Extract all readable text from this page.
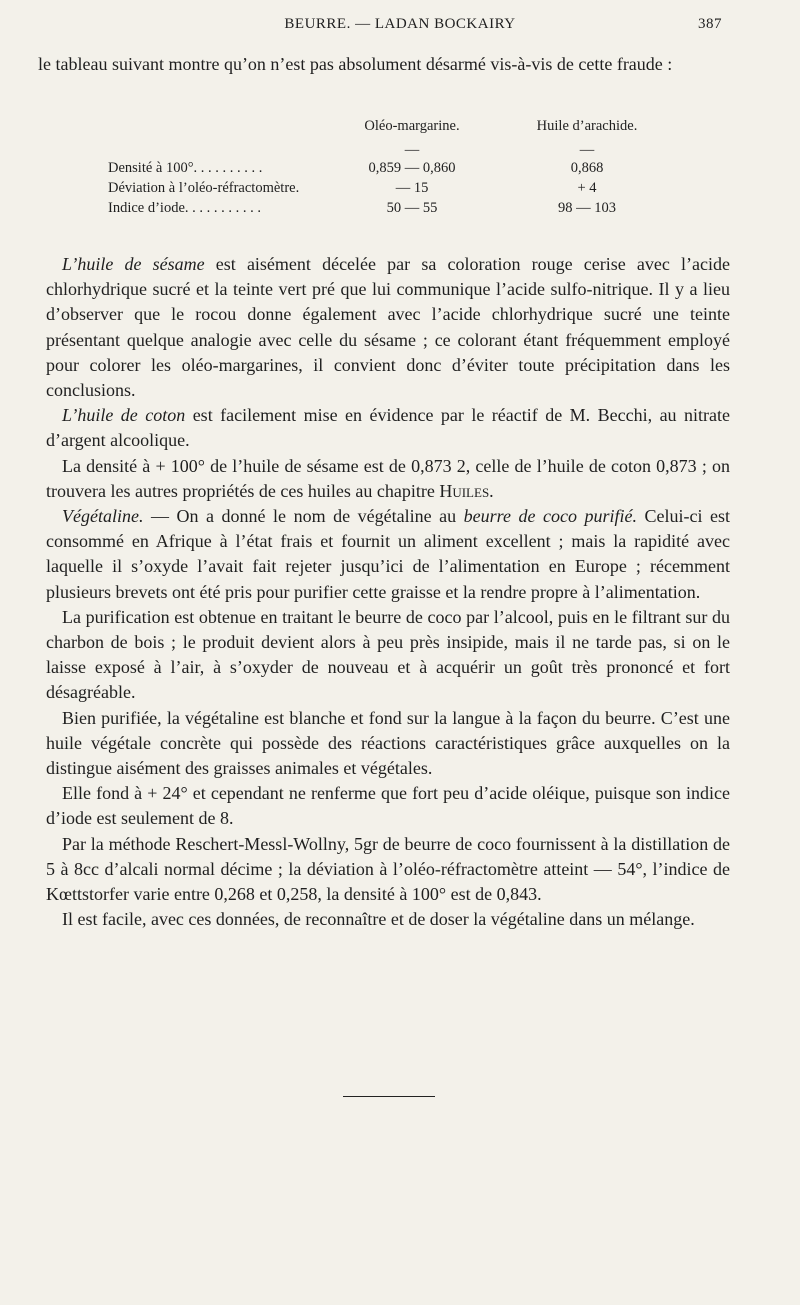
BEURRE. — LADAN BOCKAIRY	387
le tableau suivant montre qu’on n’est pas absolument désarmé vis-à-vis de cette fraude :
Oléo-margarine.	Huile d’arachide.
—	—
Densité à 100°. . . . . . . . . .	0,859 — 0,860	0,868
Déviation à l’oléo-réfractomètre.	— 15	+ 4
Indice d’iode. . . . . . . . . . .	50 — 55	98 — 103

L’huile de sésame est aisément décelée par sa coloration rouge cerise avec l’acide chlorhydrique sucré et la teinte vert pré que lui communique l’acide sulfo-nitrique. Il y a lieu d’observer que le rocou donne également avec l’acide chlorhydrique sucré une teinte présentant quelque analogie avec celle du sésame ; ce colorant étant fréquemment employé pour colorer les oléo-margarines, il convient donc d’éviter toute précipitation dans les conclusions.

L’huile de coton est facilement mise en évidence par le réactif de M. Becchi, au nitrate d’argent alcoolique.

La densité à + 100° de l’huile de sésame est de 0,873 2, celle de l’huile de coton 0,873 ; on trouvera les autres propriétés de ces huiles au chapitre Huiles.

Végétaline. — On a donné le nom de végétaline au beurre de coco purifié. Celui-ci est consommé en Afrique à l’état frais et fournit un aliment excellent ; mais la rapidité avec laquelle il s’oxyde l’avait fait rejeter jusqu’ici de l’alimentation en Europe ; récemment plusieurs brevets ont été pris pour purifier cette graisse et la rendre propre à l’alimentation.

La purification est obtenue en traitant le beurre de coco par l’alcool, puis en le filtrant sur du charbon de bois ; le produit devient alors à peu près insipide, mais il ne tarde pas, si on le laisse exposé à l’air, à s’oxyder de nouveau et à acquérir un goût très prononcé et fort désagréable.

Bien purifiée, la végétaline est blanche et fond sur la langue à la façon du beurre. C’est une huile végétale concrète qui possède des réactions caractéristiques grâce auxquelles on la distingue aisément des graisses animales et végétales.

Elle fond à + 24° et cependant ne renferme que fort peu d’acide oléique, puisque son indice d’iode est seulement de 8.

Par la méthode Reschert-Messl-Wollny, 5gr de beurre de coco fournissent à la distillation de 5 à 8cc d’alcali normal décime ; la déviation à l’oléo-réfractomètre atteint — 54°, l’indice de Kœttstorfer varie entre 0,268 et 0,258, la densité à 100° est de 0,843.

Il est facile, avec ces données, de reconnaître et de doser la végétaline dans un mélange.
